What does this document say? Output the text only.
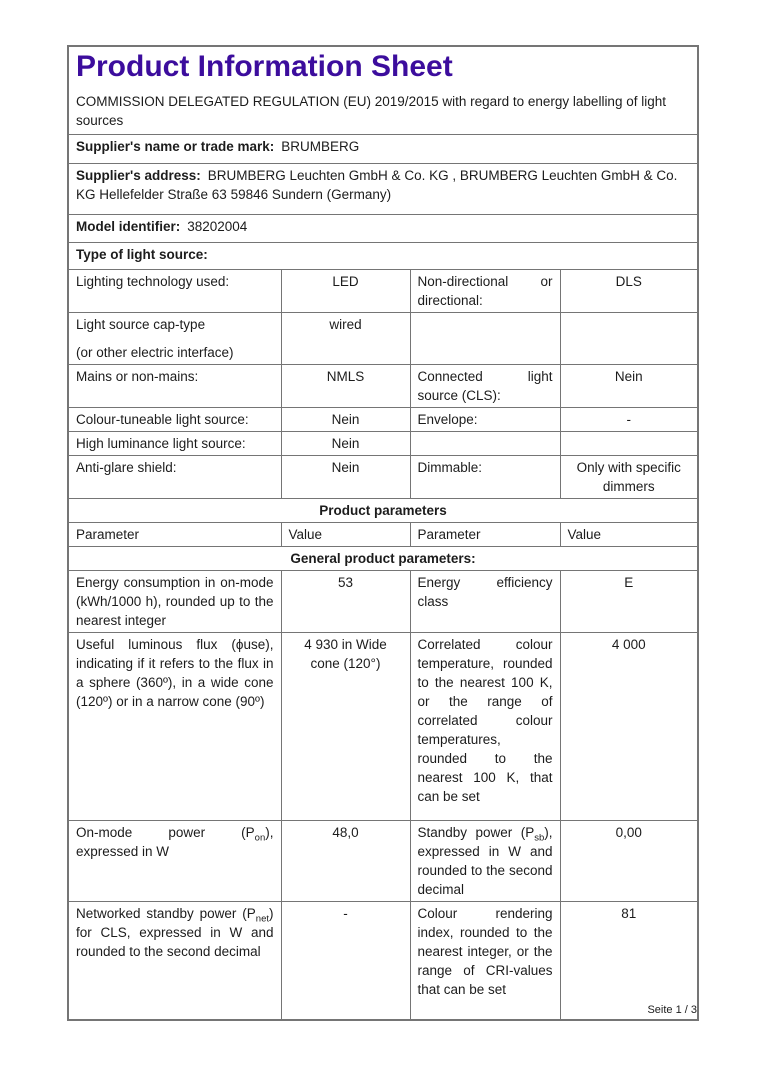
Product Information Sheet

COMMISSION DELEGATED REGULATION (EU) 2019/2015 with regard to energy labelling of light sources

Supplier's name or trade mark: BRUMBERG			
Supplier's address: BRUMBERG Leuchten GmbH & Co. KG , BRUMBERG Leuchten GmbH & Co. KG Hellefelder Straße 63 59846 Sundern (Germany)			
Model identifier: 38202004			
Type of light source:			
Lighting technology used:	LED	Non-directional or directional:	DLS

Light source cap-type
(or other electric interface)	wired		
Mains or non-mains:	NMLS	Connected light source (CLS):	Nein
Colour-tuneable light source:	Nein	Envelope:	-
High luminance light source:	Nein		
Anti-glare shield:	Nein	Dimmable:	Only with specific dimmers
Product parameters			
Parameter	Value	Parameter	Value
General product parameters:			
Energy consumption in on-mode (kWh/1000 h), rounded up to the nearest integer	53	Energy efficiency class	E
Useful luminous flux (ϕuse), indicating if it refers to the flux in a sphere (360º), in a wide cone (120º) or in a narrow cone (90º)	4 930 in Wide cone (120°)	Correlated colour temperature, rounded to the nearest 100 K, or the range of correlated colour temperatures, rounded to the nearest 100 K, that can be set	4 000
On-mode power $(P_{on})$, expressed in W	48,0	Standby power $(P_{sb})$, expressed in W and rounded to the second decimal	0,00
Networked standby power $(P_{net})$ for CLS, expressed in W and rounded to the second decimal	-	Colour rendering index, rounded to the nearest integer, or the range of CRI-values that can be set	81
Seite 1 / 3
